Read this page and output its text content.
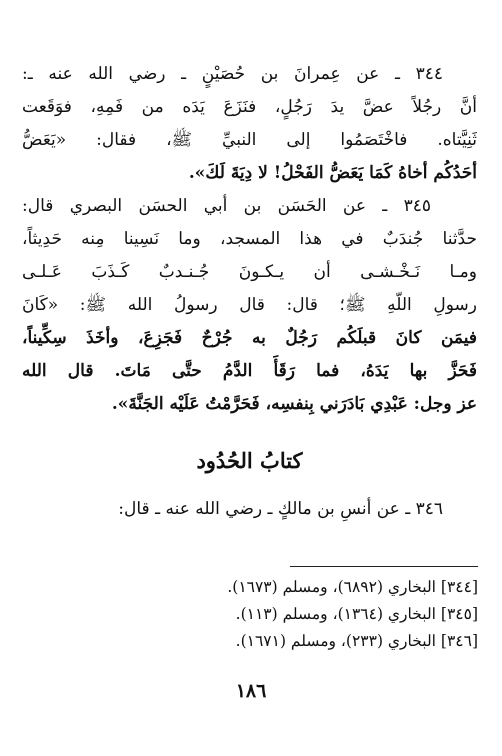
٣٤٤ ـ عن عِمرانَ بن حُصَيْنٍ ـ رضي الله عنه ـ:
أنَّ رجُلاً عضَّ يدَ رَجُلٍ، فنَزَعَ يَدَه من فَمِهِ، فوَقَعت
ثَنِيَّتاه. فاخْتَصَمُوا إلى النبيِّ ﷺ، فقال: «يَعَضُّ
أحَدُكُم أخاهُ كَمَا يَعَضُّ الفَحْلُ! لا دِيَةَ لَكَ».
٣٤٥ ـ عن الحَسَن بن أبي الحسَن البصري قال:
حدَّثنا جُندَبٌ في هذا المسجد، وما نَسِينا مِنه حَدِيثاً،
ومـا نَـخْـشـى أن يـكـونَ جُـنـدبٌ كَـذَبَ عَـلـى
رسولِ اللّهِ ﷺ؛ قال: قال رسولُ الله ﷺ: «كَانَ
فيمَن كانَ قبلَكُم رَجُلٌ به جُرْحٌ فَجَزِعَ، وأخَذَ سِكِّيناً،
فَحَزَّ بها يَدَهُ، فما رَقَأَ الدَّمُ حتَّى مَاتَ. قال الله
عز وجل: عَبْدِي بَادَرَني بِنفسِه، فَحَرَّمْتُ عَلَيْه الجَنَّةَ».
كتابُ الحُدُود
٣٤٦ ـ عن أنسِ بن مالكٍ ـ رضي الله عنه ـ قال:
[٣٤٤] البخاري (٦٨٩٢)، ومسلم (١٦٧٣).
[٣٤٥] البخاري (١٣٦٤)، ومسلم (١١٣).
[٣٤٦] البخاري (٢٣٣)، ومسلم (١٦٧١).
١٨٦
